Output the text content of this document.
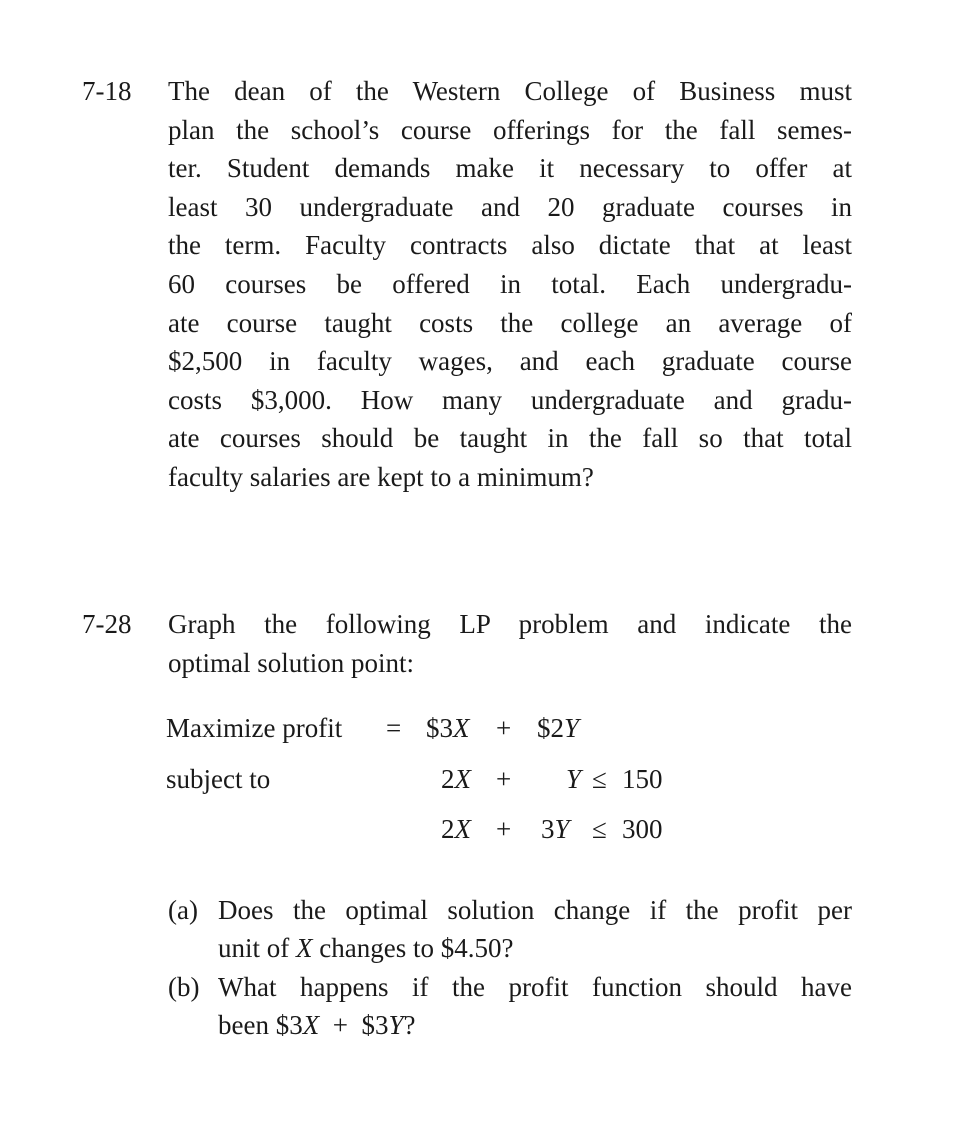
7-18 The dean of the Western College of Business must
plan the school’s course offerings for the fall semes-
ter. Student demands make it necessary to offer at
least 30 undergraduate and 20 graduate courses in
the term. Faculty contracts also dictate that at least
60 courses be offered in total. Each undergradu-
ate course taught costs the college an average of
$2,500 in faculty wages, and each graduate course
costs $3,000. How many undergraduate and gradu-
ate courses should be taught in the fall so that total
faculty salaries are kept to a minimum?
7-28 Graph the following LP problem and indicate the
optimal solution point:
Maximize profit = $3X + $2Y
subject to	2X + Y ≤ 150
2X + 3Y ≤ 300
(a) Does the optimal solution change if the profit per
unit of X changes to $4.50?
(b) What happens if the profit function should have
been $3X + $3Y?
